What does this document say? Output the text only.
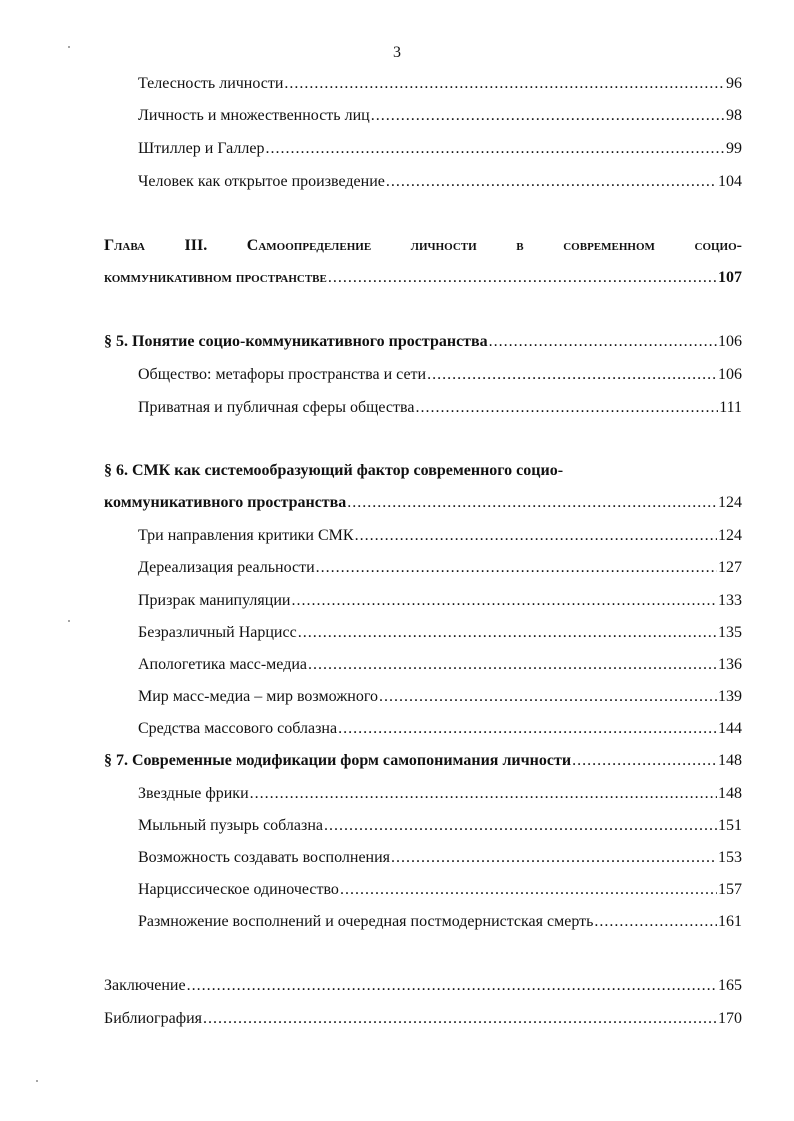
3
Телесность личности .....	96
Личность и множественность лиц .....	98
Штиллер и Галлер .....	99
Человек как открытое произведение .....	104
Глава III. Самоопределение личности в современном социо-
коммуникативном пространстве .....	107
§ 5. Понятие социо-коммуникативного пространства .....	106
Общество: метафоры пространства и сети .....	106
Приватная и публичная сферы общества .....	111
§ 6. СМК как системообразующий фактор современного социо-
коммуникативного пространства .....	124
Три направления критики СМК .....	124
Дереализация реальности .....	127
Призрак манипуляции .....	133
Безразличный Нарцисс .....	135
Апологетика масс-медиа .....	136
Мир масс-медиа – мир возможного .....	139
Средства массового соблазна .....	144
§ 7. Современные модификации форм самопонимания личности .....	148
Звездные фрики .....	148
Мыльный пузырь соблазна .....	151
Возможность создавать восполнения .....	153
Нарциссическое одиночество .....	157
Размножение восполнений и очередная постмодернистская смерть .....	161
Заключение .....	165
Библиография .....	170
